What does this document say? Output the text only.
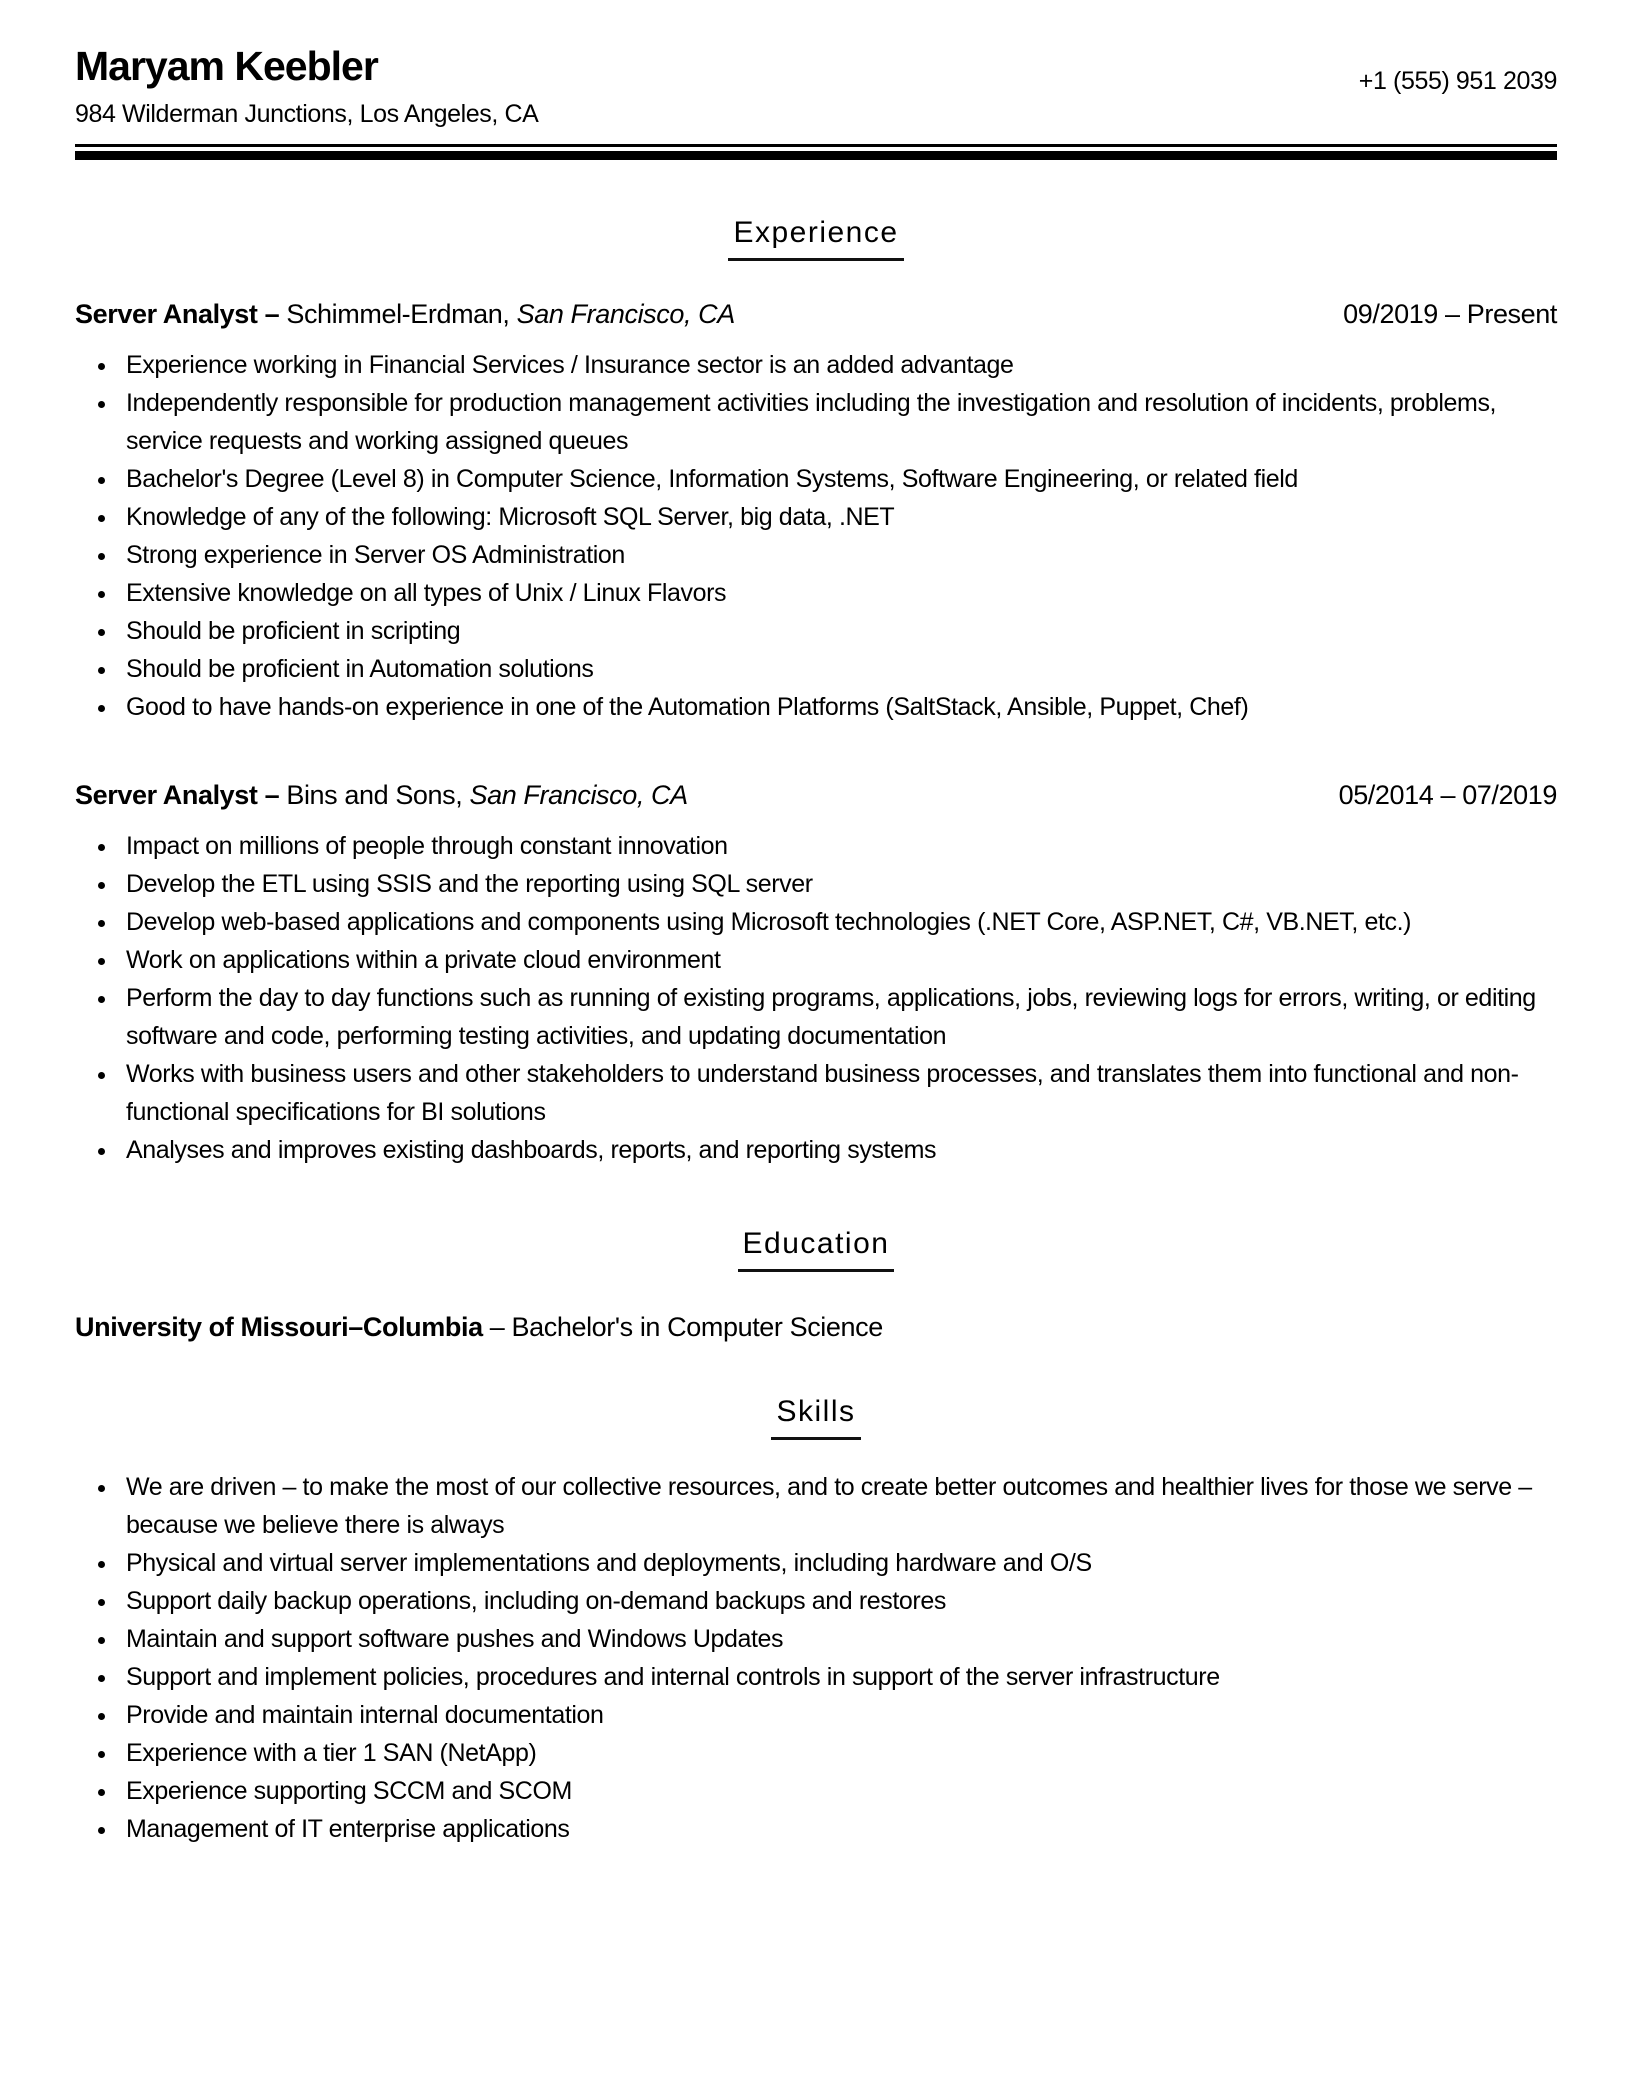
Maryam Keebler
984 Wilderman Junctions, Los Angeles, CA
+1 (555) 951 2039
Experience
Server Analyst – Schimmel-Erdman, San Francisco, CA	09/2019 – Present
• Experience working in Financial Services / Insurance sector is an added advantage
• Independently responsible for production management activities including the investigation and resolution of incidents, problems, service requests and working assigned queues
• Bachelor's Degree (Level 8) in Computer Science, Information Systems, Software Engineering, or related field
• Knowledge of any of the following: Microsoft SQL Server, big data, .NET
• Strong experience in Server OS Administration
• Extensive knowledge on all types of Unix / Linux Flavors
• Should be proficient in scripting
• Should be proficient in Automation solutions
• Good to have hands-on experience in one of the Automation Platforms (SaltStack, Ansible, Puppet, Chef)
Server Analyst – Bins and Sons, San Francisco, CA	05/2014 – 07/2019
• Impact on millions of people through constant innovation
• Develop the ETL using SSIS and the reporting using SQL server
• Develop web-based applications and components using Microsoft technologies (.NET Core, ASP.NET, C#, VB.NET, etc.)
• Work on applications within a private cloud environment
• Perform the day to day functions such as running of existing programs, applications, jobs, reviewing logs for errors, writing, or editing software and code, performing testing activities, and updating documentation
• Works with business users and other stakeholders to understand business processes, and translates them into functional and non-functional specifications for BI solutions
• Analyses and improves existing dashboards, reports, and reporting systems
Education
University of Missouri–Columbia – Bachelor's in Computer Science
Skills
• We are driven – to make the most of our collective resources, and to create better outcomes and healthier lives for those we serve – because we believe there is always
• Physical and virtual server implementations and deployments, including hardware and O/S
• Support daily backup operations, including on-demand backups and restores
• Maintain and support software pushes and Windows Updates
• Support and implement policies, procedures and internal controls in support of the server infrastructure
• Provide and maintain internal documentation
• Experience with a tier 1 SAN (NetApp)
• Experience supporting SCCM and SCOM
• Management of IT enterprise applications
